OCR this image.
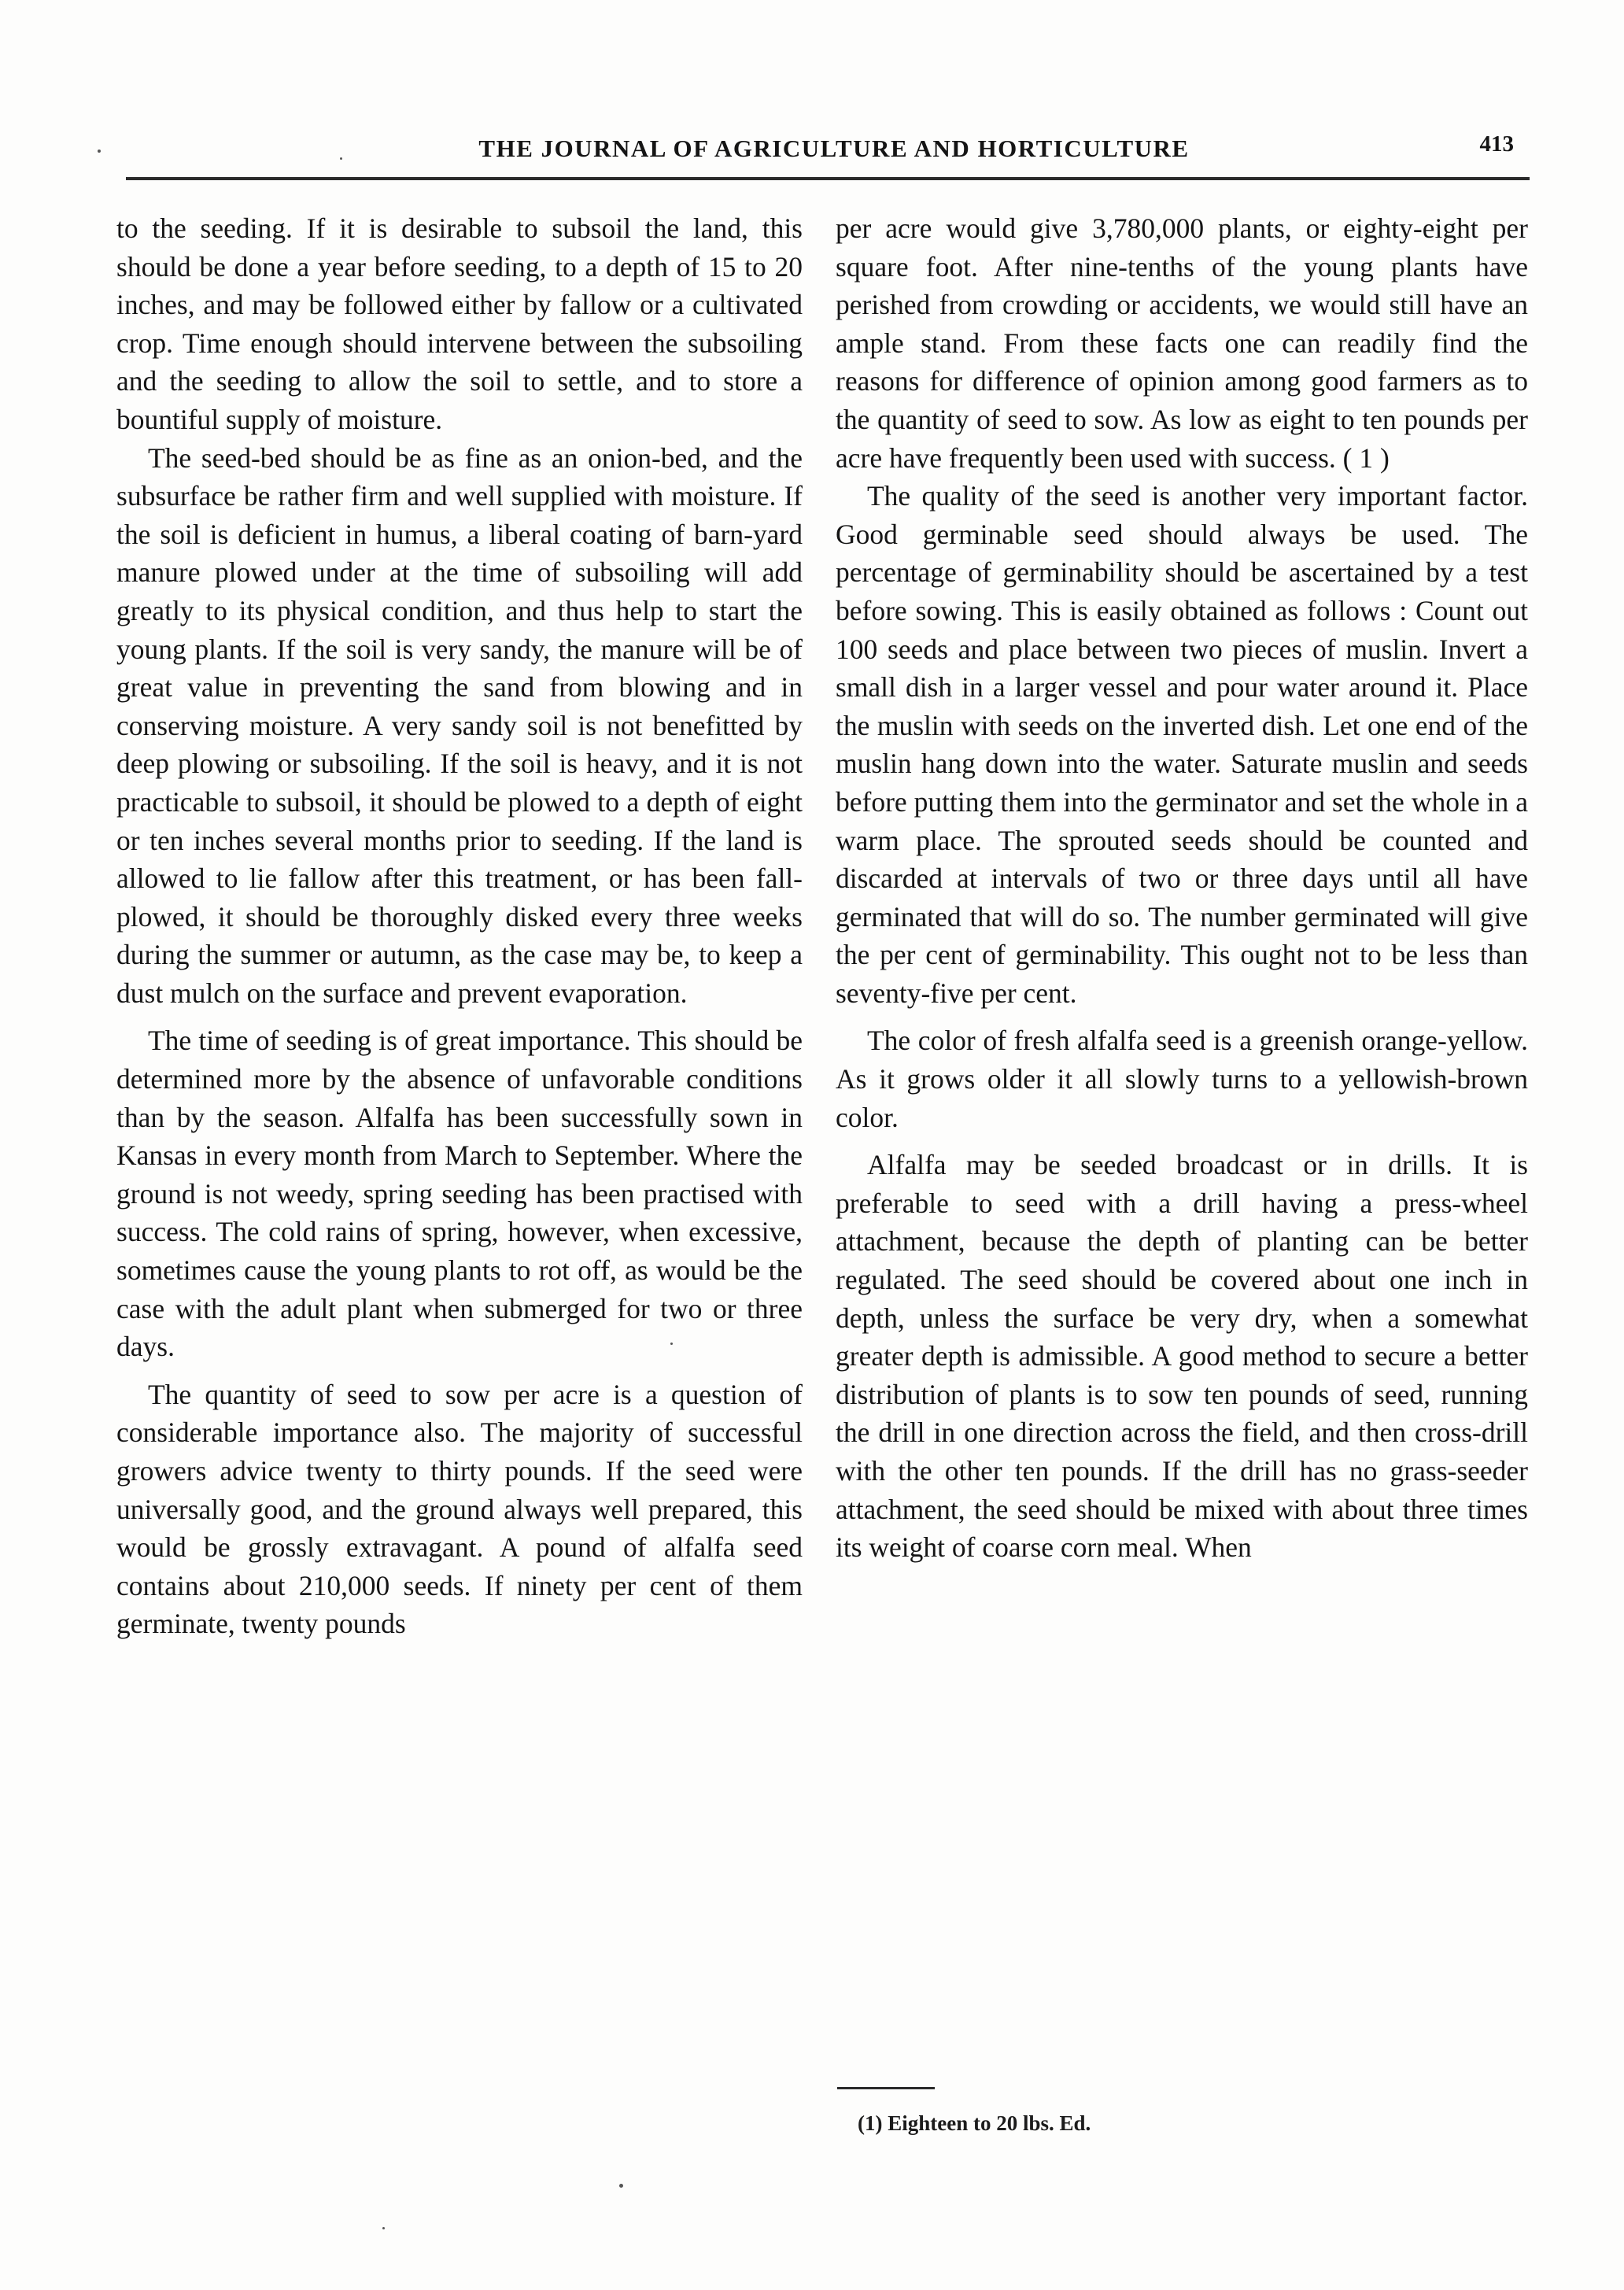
THE JOURNAL OF AGRICULTURE AND HORTICULTURE	413

to the seeding. If it is desirable to subsoil the land, this should be done a year before seeding, to a depth of 15 to 20 inches, and may be followed either by fallow or a cultivated crop. Time enough should intervene between the subsoiling and the seeding to allow the soil to settle, and to store a bountiful supply of moisture.

The seed-bed should be as fine as an onion-bed, and the subsurface be rather firm and well supplied with moisture. If the soil is deficient in humus, a liberal coating of barn-yard manure plowed under at the time of subsoiling will add greatly to its physical condition, and thus help to start the young plants. If the soil is very sandy, the manure will be of great value in preventing the sand from blowing and in conserving moisture. A very sandy soil is not benefitted by deep plowing or subsoiling. If the soil is heavy, and it is not practicable to subsoil, it should be plowed to a depth of eight or ten inches several months prior to seeding. If the land is allowed to lie fallow after this treatment, or has been fall-plowed, it should be thoroughly disked every three weeks during the summer or autumn, as the case may be, to keep a dust mulch on the surface and prevent evaporation.

The time of seeding is of great importance. This should be determined more by the absence of unfavorable conditions than by the season. Alfalfa has been successfully sown in Kansas in every month from March to September. Where the ground is not weedy, spring seeding has been practised with success. The cold rains of spring, however, when excessive, sometimes cause the young plants to rot off, as would be the case with the adult plant when submerged for two or three days.

The quantity of seed to sow per acre is a question of considerable importance also. The majority of successful growers advice twenty to thirty pounds. If the seed were universally good, and the ground always well prepared, this would be grossly extravagant. A pound of alfalfa seed contains about 210,000 seeds. If ninety per cent of them germinate, twenty pounds

per acre would give 3,780,000 plants, or eighty-eight per square foot. After nine-tenths of the young plants have perished from crowding or accidents, we would still have an ample stand. From these facts one can readily find the reasons for difference of opinion among good farmers as to the quantity of seed to sow. As low as eight to ten pounds per acre have frequently been used with success. ( 1 )

The quality of the seed is another very important factor. Good germinable seed should always be used. The percentage of germinability should be ascertained by a test before sowing. This is easily obtained as follows : Count out 100 seeds and place between two pieces of muslin. Invert a small dish in a larger vessel and pour water around it. Place the muslin with seeds on the inverted dish. Let one end of the muslin hang down into the water. Saturate muslin and seeds before putting them into the germinator and set the whole in a warm place. The sprouted seeds should be counted and discarded at intervals of two or three days until all have germinated that will do so. The number germinated will give the per cent of germinability. This ought not to be less than seventy-five per cent.

The color of fresh alfalfa seed is a greenish orange-yellow. As it grows older it all slowly turns to a yellowish-brown color.

Alfalfa may be seeded broadcast or in drills. It is preferable to seed with a drill having a press-wheel attachment, because the depth of planting can be better regulated. The seed should be covered about one inch in depth, unless the surface be very dry, when a somewhat greater depth is admissible. A good method to secure a better distribution of plants is to sow ten pounds of seed, running the drill in one direction across the field, and then cross-drill with the other ten pounds. If the drill has no grass-seeder attachment, the seed should be mixed with about three times its weight of coarse corn meal. When

(1) Eighteen to 20 lbs. Ed.
